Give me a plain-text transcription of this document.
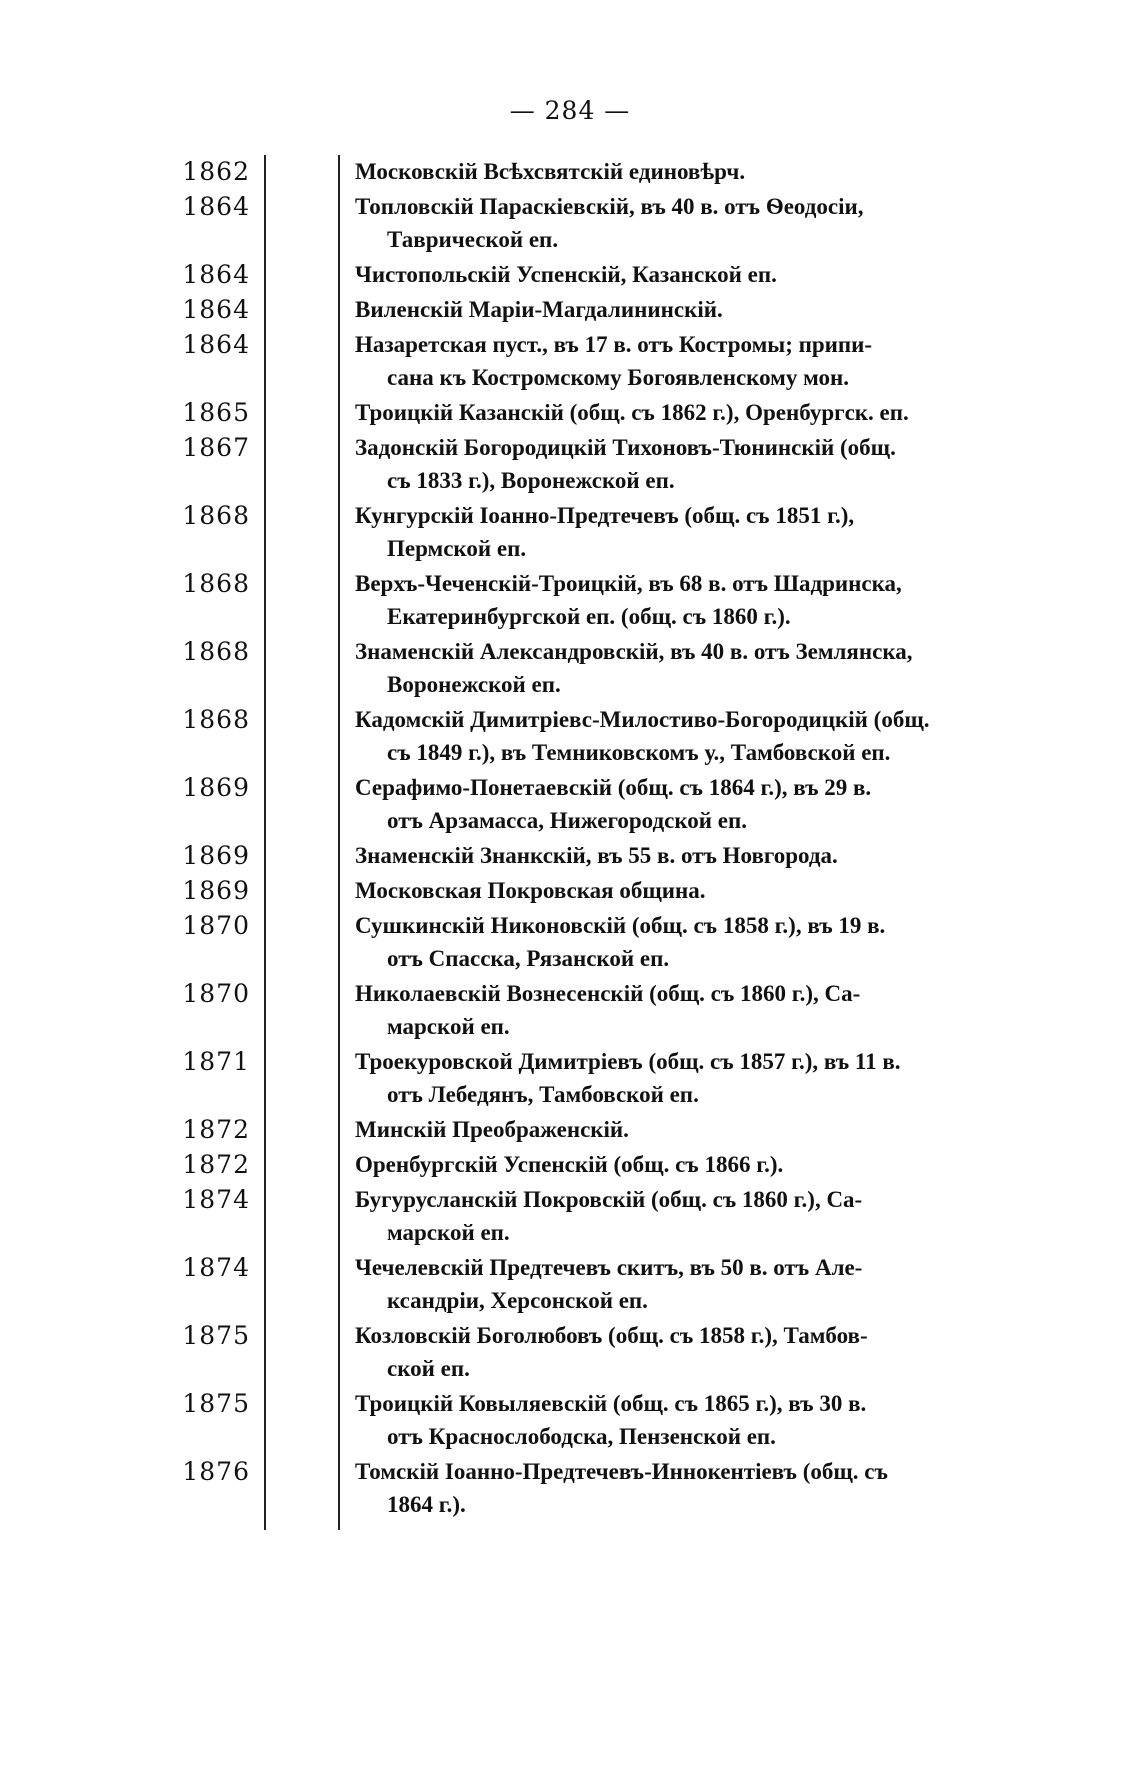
— 284 —
1862	Московскій Всѣхсвятскій единовѣрч.
1864	Топловскій Параскіевскій, въ 40 в. отъ Ѳеодосіи,
Таврической еп.
1864	Чистопольскій Успенскій, Казанской еп.
1864	Виленскій Маріи-Магдалининскій.
1864	Назаретская пуст., въ 17 в. отъ Костромы; припи-
сана къ Костромскому Богоявленскому мон.
1865	Троицкій Казанскій (общ. съ 1862 г.), Оренбургск. еп.
1867	Задонскій Богородицкій Тихоновъ-Тюнинскій (общ.
съ 1833 г.), Воронежской еп.
1868	Кунгурскій Іоанно-Предтечевъ (общ. съ 1851 г.),
Пермской еп.
1868	Верхъ-Чеченскій-Троицкій, въ 68 в. отъ Шадринска,
Екатеринбургской еп. (общ. съ 1860 г.).
1868	Знаменскій Александровскій, въ 40 в. отъ Землянска,
Воронежской еп.
1868	Кадомскій Димитріевс-Милостиво-Богородицкій (общ.
съ 1849 г.), въ Темниковскомъ у., Тамбовской еп.
1869	Серафимо-Понетаевскій (общ. съ 1864 г.), въ 29 в.
отъ Арзамасса, Нижегородской еп.
1869	Знаменскій Знанкскій, въ 55 в. отъ Новгорода.
1869	Московская Покровская община.
1870	Сушкинскій Никоновскій (общ. съ 1858 г.), въ 19 в.
отъ Спасска, Рязанской еп.
1870	Николаевскій Вознесенскій (общ. съ 1860 г.), Са-
марской еп.
1871	Троекуровской Димитріевъ (общ. съ 1857 г.), въ 11 в.
отъ Лебедянъ, Тамбовской еп.
1872	Минскій Преображенскій.
1872	Оренбургскій Успенскій (общ. съ 1866 г.).
1874	Бугурусланскій Покровскій (общ. съ 1860 г.), Са-
марской еп.
1874	Чечелевскій Предтечевъ скитъ, въ 50 в. отъ Але-
ксандріи, Херсонской еп.
1875	Козловскій Боголюбовъ (общ. съ 1858 г.), Тамбов-
ской еп.
1875	Троицкій Ковыляевскій (общ. съ 1865 г.), въ 30 в.
отъ Краснослободска, Пензенской еп.
1876	Томскій Іоанно-Предтечевъ-Иннокентіевъ (общ. съ
1864 г.).
